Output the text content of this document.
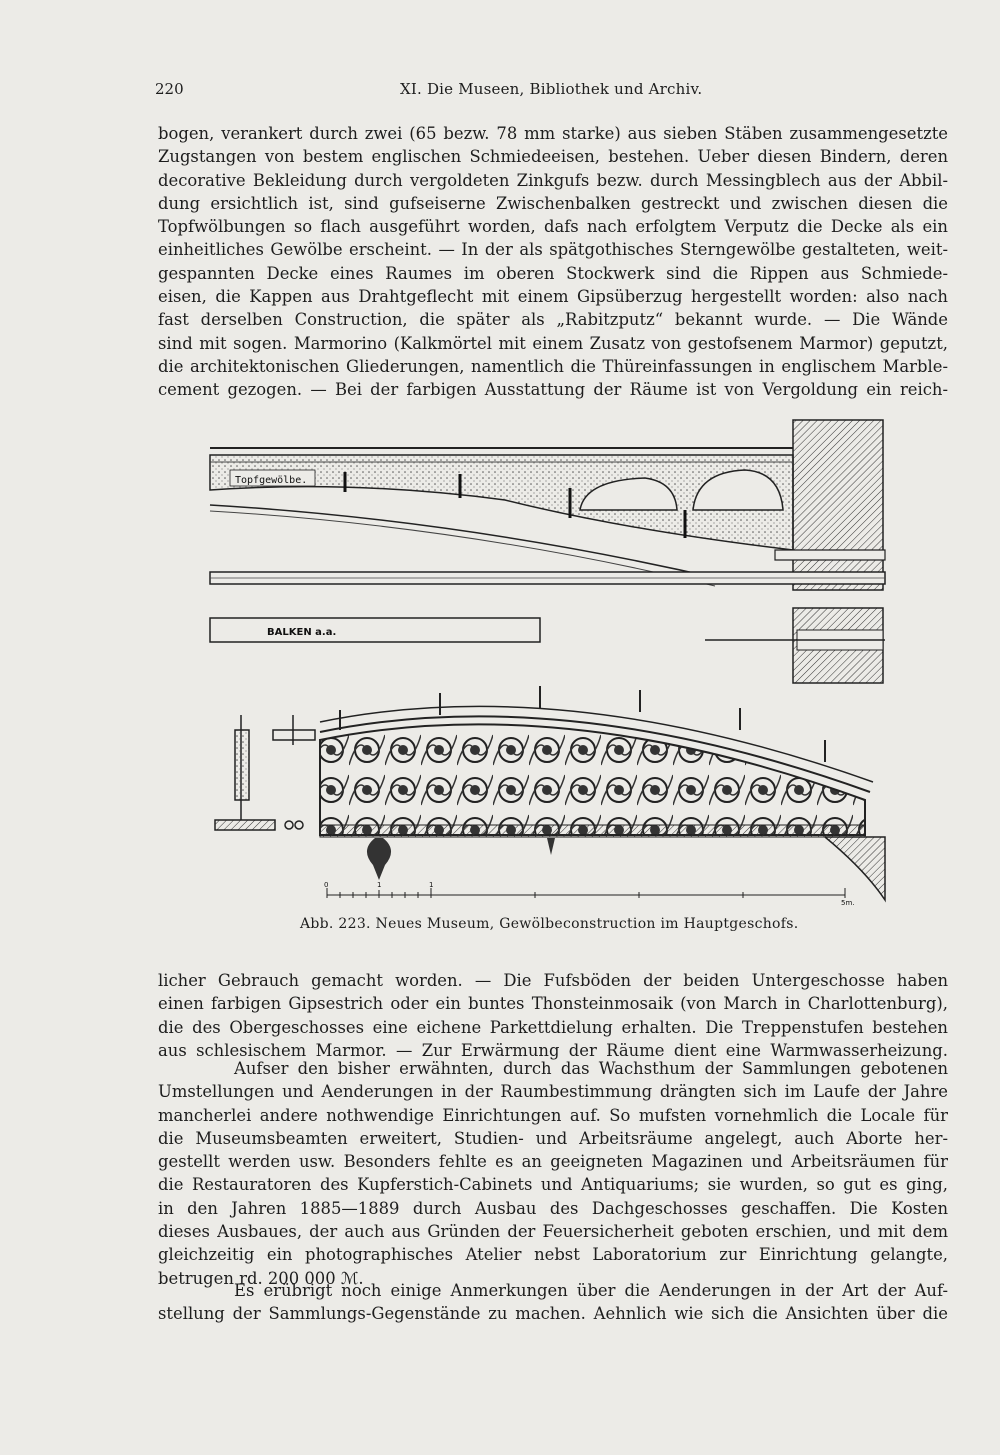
220	XI. Die Museen, Bibliothek und Archiv.
bogen, verankert durch zwei (65 bezw. 78 mm starke) aus sieben Stäben zusammengesetzte
Zugstangen von bestem englischen Schmiedeeisen, bestehen. Ueber diesen Bindern, deren
decorative Bekleidung durch vergoldeten Zinkgufs bezw. durch Messingblech aus der Abbil-
dung ersichtlich ist, sind gufseiserne Zwischenbalken gestreckt und zwischen diesen die
Topfwölbungen so flach ausgeführt worden, dafs nach erfolgtem Verputz die Decke als ein
einheitliches Gewölbe erscheint. — In der als spätgothisches Sterngewölbe gestalteten, weit-
gespannten Decke eines Raumes im oberen Stockwerk sind die Rippen aus Schmiede-
eisen, die Kappen aus Drahtgeflecht mit einem Gipsüberzug hergestellt worden: also nach
fast derselben Construction, die später als „Rabitzputz“ bekannt wurde. — Die Wände
sind mit sogen. Marmorino (Kalkmörtel mit einem Zusatz von gestofsenem Marmor) geputzt,
die architektonischen Gliederungen, namentlich die Thüreinfassungen in englischem Marble-
cement gezogen. — Bei der farbigen Ausstattung der Räume ist von Vergoldung ein reich-
Topfgewölbe.
BALKEN a.a.
0	1	1
5m.
Abb. 223. Neues Museum, Gewölbeconstruction im Hauptgeschofs.
licher Gebrauch gemacht worden. — Die Fufsböden der beiden Untergeschosse haben
einen farbigen Gipsestrich oder ein buntes Thonsteinmosaik (von March in Charlottenburg),
die des Obergeschosses eine eichene Parkettdielung erhalten. Die Treppenstufen bestehen
aus schlesischem Marmor. — Zur Erwärmung der Räume dient eine Warmwasserheizung.
Aufser den bisher erwähnten, durch das Wachsthum der Sammlungen gebotenen
Umstellungen und Aenderungen in der Raumbestimmung drängten sich im Laufe der Jahre
mancherlei andere nothwendige Einrichtungen auf. So mufsten vornehmlich die Locale für
die Museumsbeamten erweitert, Studien- und Arbeitsräume angelegt, auch Aborte her-
gestellt werden usw. Besonders fehlte es an geeigneten Magazinen und Arbeitsräumen für
die Restauratoren des Kupferstich-Cabinets und Antiquariums; sie wurden, so gut es ging,
in den Jahren 1885—1889 durch Ausbau des Dachgeschosses geschaffen. Die Kosten
dieses Ausbaues, der auch aus Gründen der Feuersicherheit geboten erschien, und mit dem
gleichzeitig ein photographisches Atelier nebst Laboratorium zur Einrichtung gelangte,
betrugen rd. 200 000 ℳ.
Es erübrigt noch einige Anmerkungen über die Aenderungen in der Art der Auf-
stellung der Sammlungs-Gegenstände zu machen. Aehnlich wie sich die Ansichten über die
